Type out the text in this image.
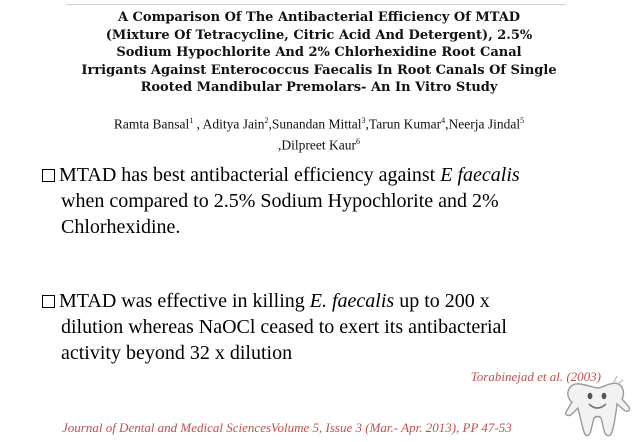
A Comparison Of The Antibacterial Efficiency Of MTAD
(Mixture Of Tetracycline, Citric Acid And Detergent), 2.5%
Sodium Hypochlorite And 2% Chlorhexidine Root Canal
Irrigants Against Enterococcus Faecalis In Root Canals Of Single
Rooted Mandibular Premolars- An In Vitro Study
Ramta Bansal$^1$ , Aditya Jain$^2$,Sunandan Mittal$^3$,Tarun Kumar$^4$,Neerja Jindal$^5$
,Dilpreet Kaur$^6$
MTAD has best antibacterial efficiency against E faecalis
when compared to 2.5% Sodium Hypochlorite and 2%
Chlorhexidine.
MTAD was effective in killing E. faecalis up to 200 x
dilution whereas NaOCl ceased to exert its antibacterial
activity beyond 32 x dilution
Torabinejad et al. (2003)
Journal of Dental and Medical SciencesVolume 5, Issue 3 (Mar.- Apr. 2013), PP 47-53
